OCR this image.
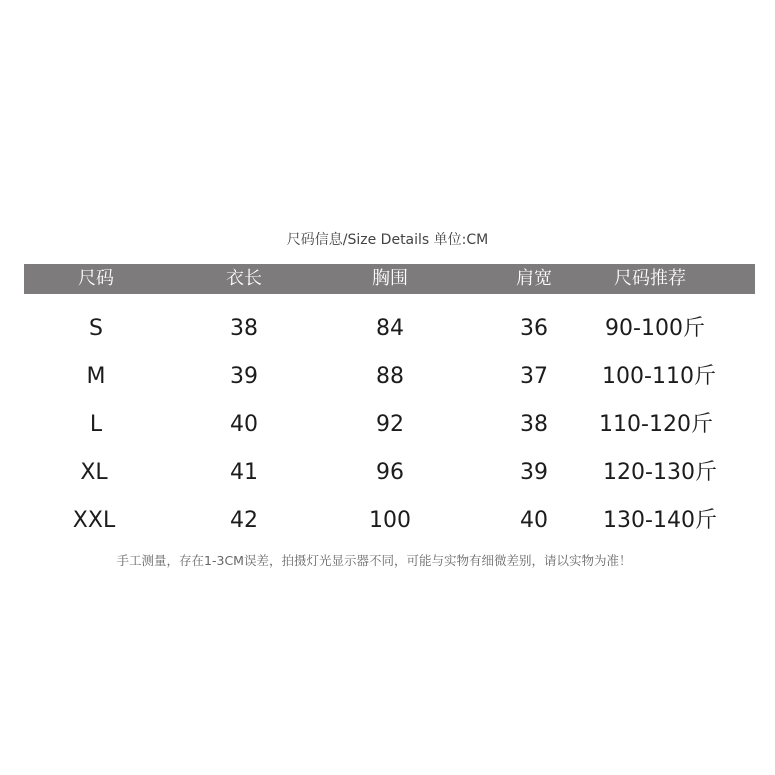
尺码信息/Size Details 单位:CM
尺码	衣长	胸围	肩宽	尺码推荐
S	38	84	36	90-100斤
M	39	88	37	100-110斤
L	40	92	38	110-120斤
XL	41	96	39	120-130斤
XXL	42	100	40	130-140斤
手工测量，存在1-3CM误差，拍摄灯光显示器不同，可能与实物有细微差别，请以实物为准！
